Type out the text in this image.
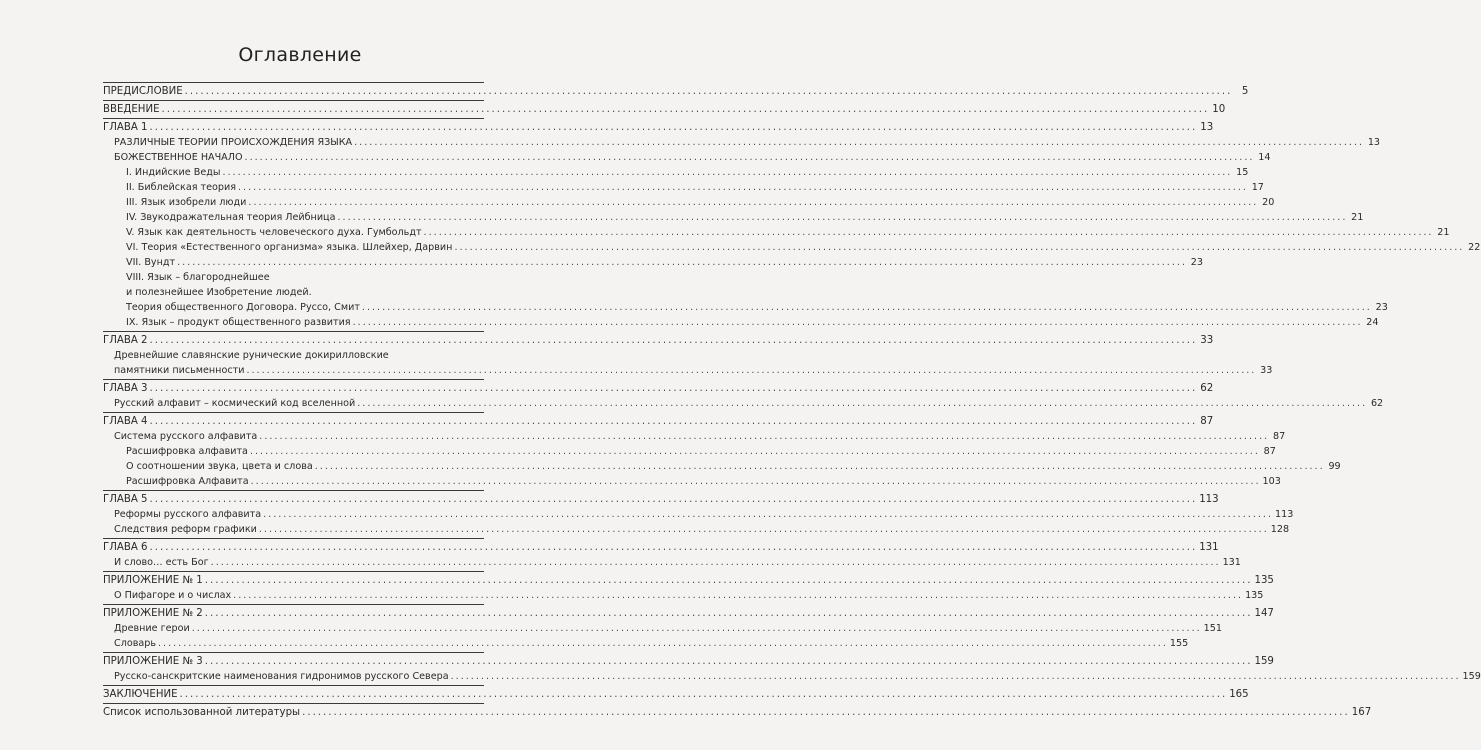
Оглавление
ПРЕДИСЛОВИЕ ........................................................................................................................................................................................................ 5
ВВЕДЕНИЕ ........................................................................................................................................................................................................ 10
ГЛАВА 1 ........................................................................................................................................................................................................ 13
РАЗЛИЧНЫЕ ТЕОРИИ ПРОИСХОЖДЕНИЯ ЯЗЫКА ........................................................................................................................................................................................................ 13
БОЖЕСТВЕННОЕ НАЧАЛО ........................................................................................................................................................................................................ 14
I. Индийские Веды ........................................................................................................................................................................................................ 15
II. Библейская теория ........................................................................................................................................................................................................ 17
III. Язык изобрели люди ........................................................................................................................................................................................................ 20
IV. Звукодражательная теория Лейбница ........................................................................................................................................................................................................ 21
V. Язык как деятельность человеческого духа. Гумбольдт ........................................................................................................................................................................................................ 21
VI. Теория «Естественного организма» языка. Шлейхер, Дарвин ........................................................................................................................................................................................................ 22
VII. Вундт ........................................................................................................................................................................................................ 23
VIII. Язык – благороднейшее
и полезнейшее Изобретение людей.
Теория общественного Договора. Руссо, Смит ........................................................................................................................................................................................................ 23
IX. Язык – продукт общественного развития ........................................................................................................................................................................................................ 24
ГЛАВА 2 ........................................................................................................................................................................................................ 33
Древнейшие славянские рунические докирилловские
памятники письменности ........................................................................................................................................................................................................ 33
ГЛАВА 3 ........................................................................................................................................................................................................ 62
Русский алфавит – космический код вселенной ........................................................................................................................................................................................................ 62
ГЛАВА 4 ........................................................................................................................................................................................................ 87
Система русского алфавита ........................................................................................................................................................................................................ 87
Расшифровка алфавита ........................................................................................................................................................................................................ 87
О соотношении звука, цвета и слова ........................................................................................................................................................................................................ 99
Расшифровка Алфавита ........................................................................................................................................................................................................ 103
ГЛАВА 5 ........................................................................................................................................................................................................ 113
Реформы русского алфавита ........................................................................................................................................................................................................ 113
Следствия реформ графики ........................................................................................................................................................................................................ 128
ГЛАВА 6 ........................................................................................................................................................................................................ 131
И слово… есть Бог ........................................................................................................................................................................................................ 131
ПРИЛОЖЕНИЕ № 1 ........................................................................................................................................................................................................ 135
О Пифагоре и о числах ........................................................................................................................................................................................................ 135
ПРИЛОЖЕНИЕ № 2 ........................................................................................................................................................................................................ 147
Древние герои ........................................................................................................................................................................................................ 151
Словарь ........................................................................................................................................................................................................ 155
ПРИЛОЖЕНИЕ № 3 ........................................................................................................................................................................................................ 159
Русско-санскритские наименования гидронимов русского Севера ........................................................................................................................................................................................................ 159
ЗАКЛЮЧЕНИЕ ........................................................................................................................................................................................................ 165
Список использованной литературы ........................................................................................................................................................................................................ 167
